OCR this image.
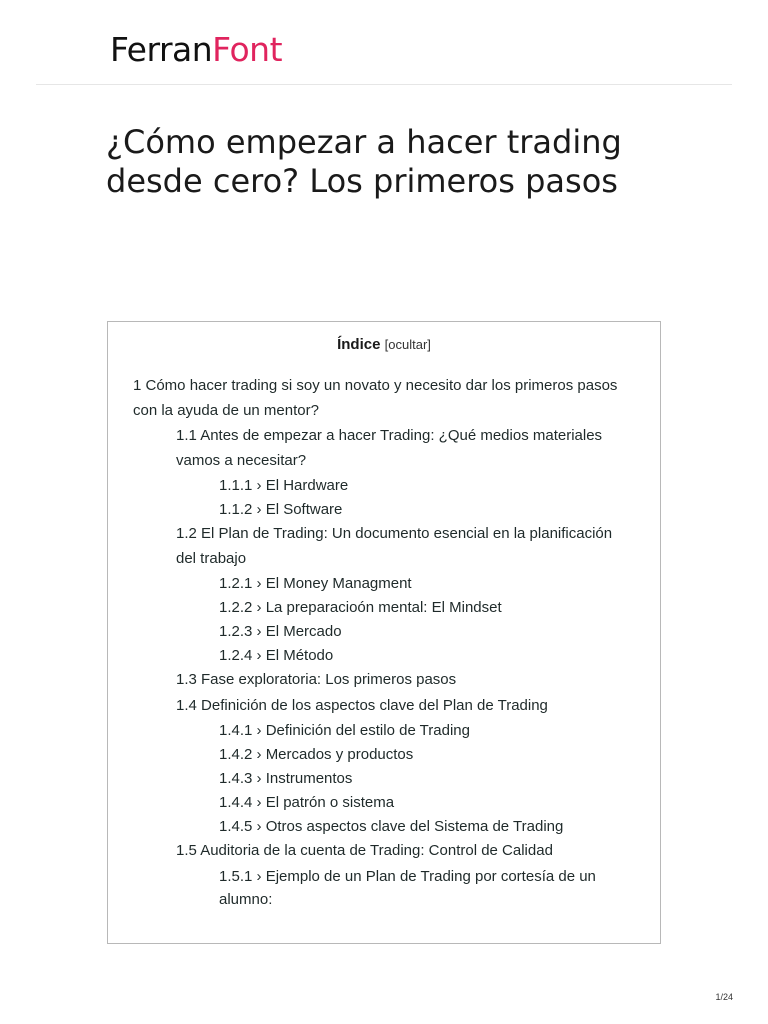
Ferran Font
¿Cómo empezar a hacer trading desde cero? Los primeros pasos
Índice [ocultar]
1 Cómo hacer trading si soy un novato y necesito dar los primeros pasos con la ayuda de un mentor?
1.1 Antes de empezar a hacer Trading: ¿Qué medios materiales vamos a necesitar?
1.1.1 › El Hardware
1.1.2 › El Software
1.2 El Plan de Trading: Un documento esencial en la planificación del trabajo
1.2.1 › El Money Managment
1.2.2 › La preparacioón mental: El Mindset
1.2.3 › El Mercado
1.2.4 › El Método
1.3 Fase exploratoria: Los primeros pasos
1.4 Definición de los aspectos clave del Plan de Trading
1.4.1 › Definición del estilo de Trading
1.4.2 › Mercados y productos
1.4.3 › Instrumentos
1.4.4 › El patrón o sistema
1.4.5 › Otros aspectos clave del Sistema de Trading
1.5 Auditoria de la cuenta de Trading: Control de Calidad
1.5.1 › Ejemplo de un Plan de Trading por cortesía de un alumno:
1/24
